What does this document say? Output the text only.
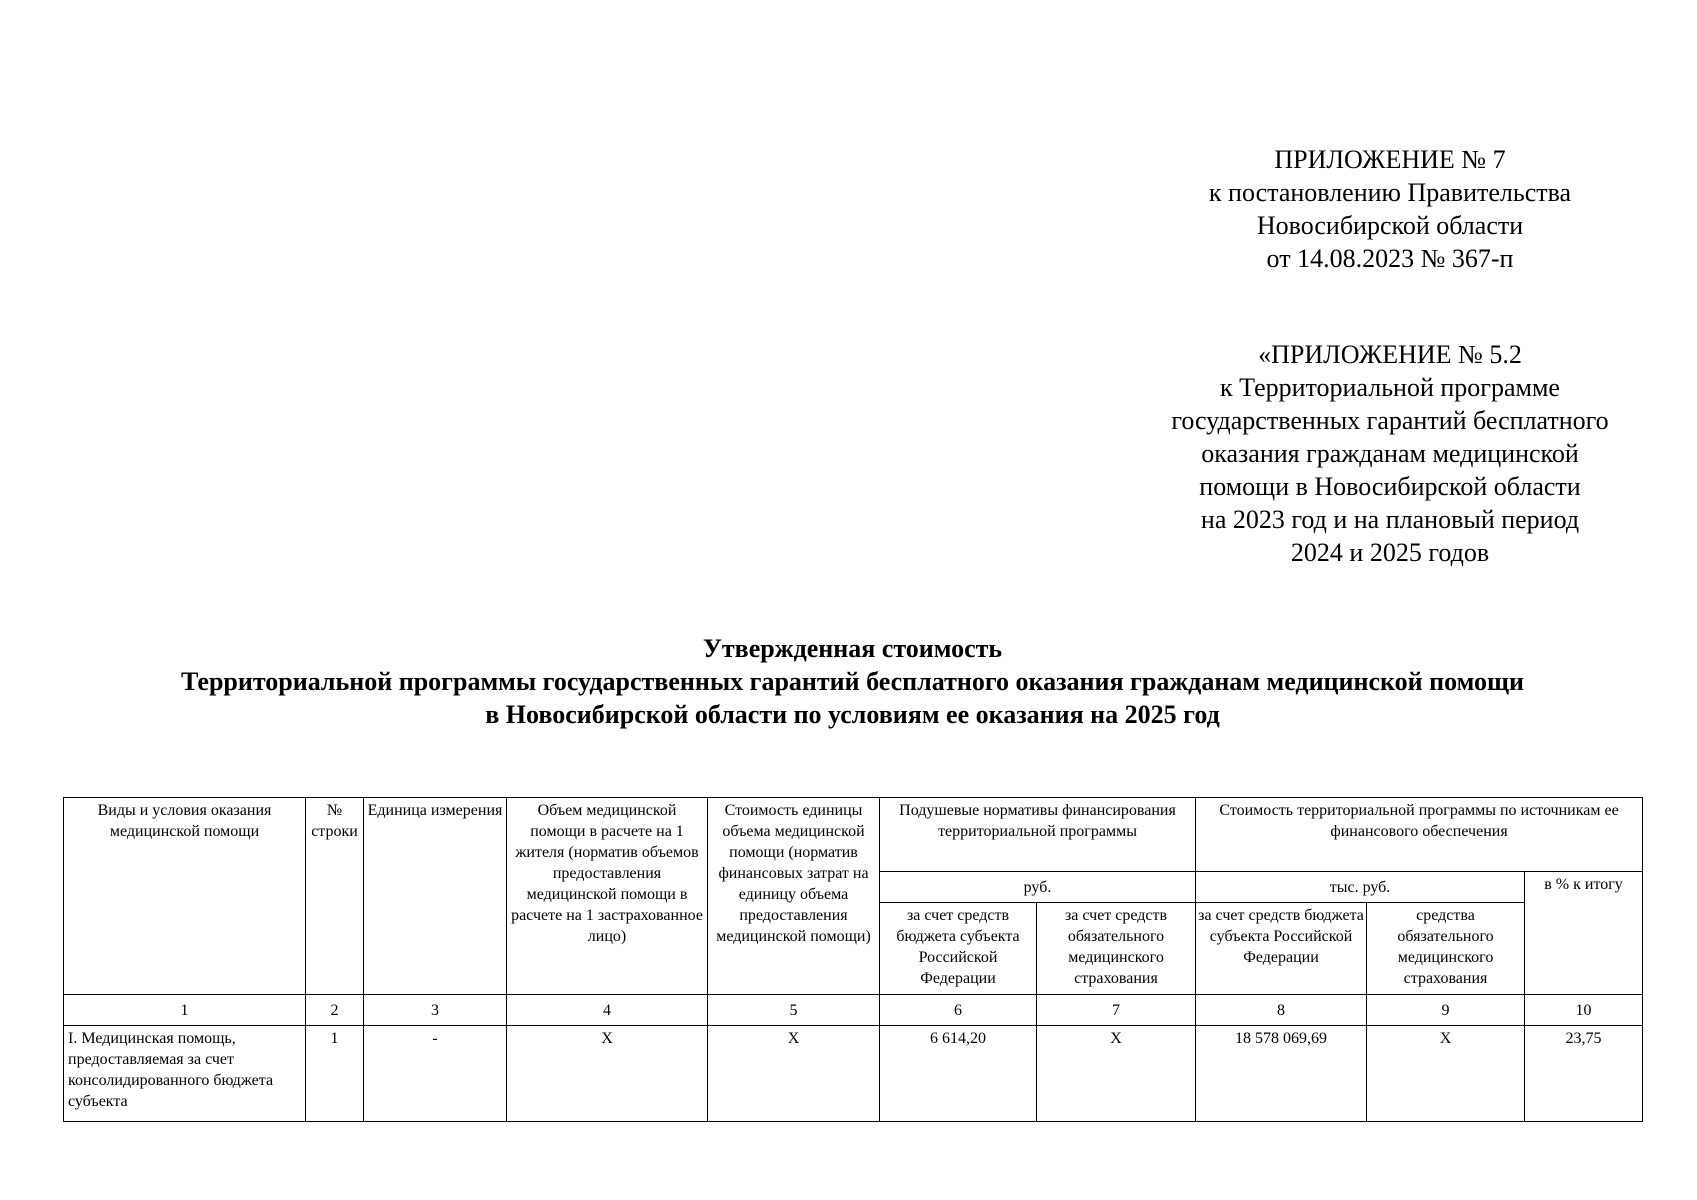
ПРИЛОЖЕНИЕ № 7
к постановлению Правительства
Новосибирской области
от 14.08.2023 № 367-п
«ПРИЛОЖЕНИЕ № 5.2
к Территориальной программе
государственных гарантий бесплатного
оказания гражданам медицинской
помощи в Новосибирской области
на 2023 год и на плановый период
2024 и 2025 годов
Утвержденная стоимость
Территориальной программы государственных гарантий бесплатного оказания гражданам медицинской помощи
в Новосибирской области по условиям ее оказания на 2025 год
Виды и условия оказания медицинской помощи	№ строки	Единица измерения	Объем медицинской помощи в расчете на 1 жителя (норматив объемов предоставления медицинской помощи в расчете на 1 застрахованное лицо)	Стоимость единицы объема медицинской помощи (норматив финансовых затрат на единицу объема предоставления медицинской помощи)	Подушевые нормативы финансирования территориальной программы		Стоимость территориальной программы по источникам ее финансового обеспечения		
					руб.		тыс. руб.		в % к итогу
					за счет средств бюджета субъекта Российской Федерации	за счет средств обязательного медицинского страхования	за счет средств бюджета субъекта Российской Федерации	средства обязательного медицинского страхования	
1	2	3	4	5	6	7	8	9	10
I. Медицинская помощь, предоставляемая за счет консолидированного бюджета субъекта	1	-	X	X	6 614,20	X	18 578 069,69	X	23,75
